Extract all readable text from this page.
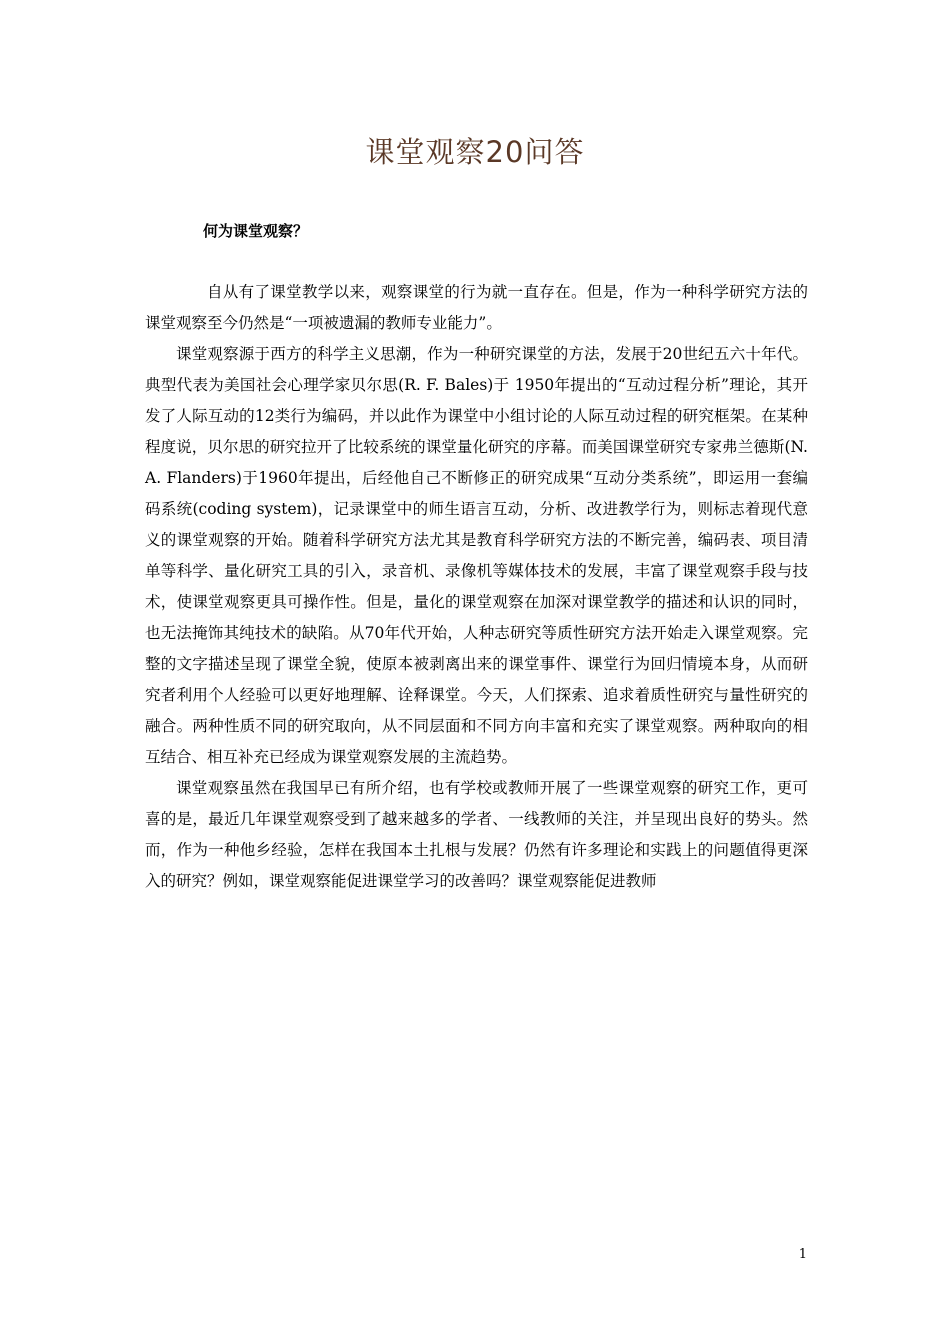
课堂观察20问答
何为课堂观察？

自从有了课堂教学以来，观察课堂的行为就一直存在。但是，作为一种科学研究方法的课堂观察至今仍然是“一项被遗漏的教师专业能力”。

课堂观察源于西方的科学主义思潮，作为一种研究课堂的方法，发展于20世纪五六十年代。典型代表为美国社会心理学家贝尔思(R. F. Bales)于 1950年提出的“互动过程分析”理论，其开发了人际互动的12类行为编码，并以此作为课堂中小组讨论的人际互动过程的研究框架。在某种程度说，贝尔思的研究拉开了比较系统的课堂量化研究的序幕。而美国课堂研究专家弗兰德斯(N. A. Flanders)于1960年提出，后经他自己不断修正的研究成果“互动分类系统”，即运用一套编码系统(coding system)，记录课堂中的师生语言互动，分析、改进教学行为，则标志着现代意义的课堂观察的开始。随着科学研究方法尤其是教育科学研究方法的不断完善，编码表、项目清单等科学、量化研究工具的引入，录音机、录像机等媒体技术的发展，丰富了课堂观察手段与技术，使课堂观察更具可操作性。但是，量化的课堂观察在加深对课堂教学的描述和认识的同时，也无法掩饰其纯技术的缺陷。从70年代开始，人种志研究等质性研究方法开始走入课堂观察。完整的文字描述呈现了课堂全貌，使原本被剥离出来的课堂事件、课堂行为回归情境本身，从而研究者利用个人经验可以更好地理解、诠释课堂。今天，人们探索、追求着质性研究与量性研究的融合。两种性质不同的研究取向，从不同层面和不同方向丰富和充实了课堂观察。两种取向的相互结合、相互补充已经成为课堂观察发展的主流趋势。

课堂观察虽然在我国早已有所介绍，也有学校或教师开展了一些课堂观察的研究工作，更可喜的是，最近几年课堂观察受到了越来越多的学者、一线教师的关注，并呈现出良好的势头。然而，作为一种他乡经验，怎样在我国本土扎根与发展？仍然有许多理论和实践上的问题值得更深入的研究？例如，课堂观察能促进课堂学习的改善吗？课堂观察能促进教师

1
